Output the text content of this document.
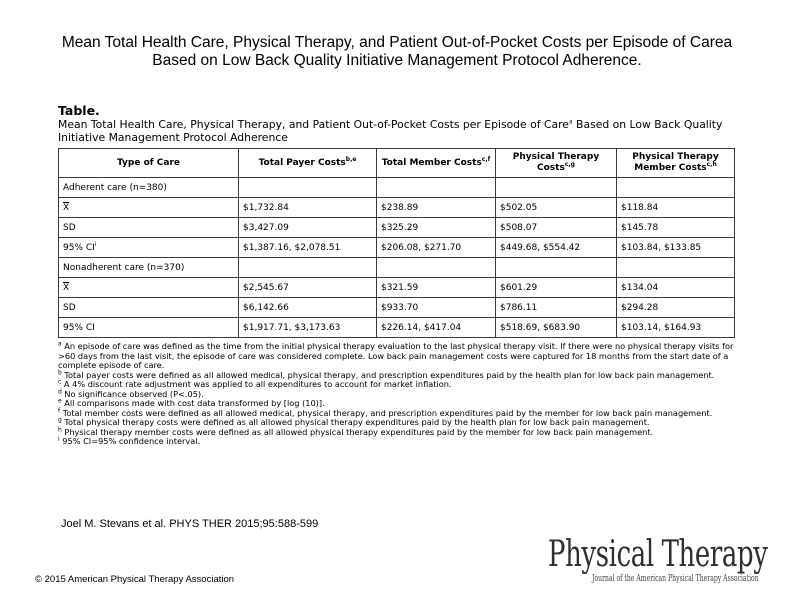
Mean Total Health Care, Physical Therapy, and Patient Out-of-Pocket Costs per Episode of Carea
Based on Low Back Quality Initiative Management Protocol Adherence.
Table.
Mean Total Health Care, Physical Therapy, and Patient Out-of-Pocket Costs per Episode of Care$^a$ Based on Low Back Quality
Initiative Management Protocol Adherence
Type of Care	Total Payer Costs$^{b,e}$	Total Member Costs$^{c,f}$	Physical Therapy Costs$^{c,g}$	Physical Therapy Member Costs$^{c,h}$
Adherent care (n=380)				
$\overline{X}$	$1,732.84	$238.89	$502.05	$118.84
SD	$3,427.09	$325.29	$508.07	$145.78
95% $CI^i$	$1,387.16, $2,078.51	$206.08, $271.70	$449.68, $554.42	$103.84, $133.85
Nonadherent care (n=370)				
$\overline{X}$	$2,545.67	$321.59	$601.29	$134.04
SD	$6,142.66	$933.70	$786.11	$294.28
95% CI	$1,917.71, $3,173.63	$226.14, $417.04	$518.69, $683.90	$103.14, $164.93
$^a$ An episode of care was defined as the time from the initial physical therapy evaluation to the last physical therapy visit. If there were no physical therapy visits for >60 days from the last visit, the episode of care was considered complete. Low back pain management costs were captured for 18 months from the start date of a complete episode of care.
$^b$ Total payer costs were defined as all allowed medical, physical therapy, and prescription expenditures paid by the health plan for low back pain management.
$^c$ A 4% discount rate adjustment was applied to all expenditures to account for market inflation.
$^d$ No significance observed (P<.05).
$^e$ All comparisons made with cost data transformed by [log (10)].
$^f$ Total member costs were defined as all allowed medical, physical therapy, and prescription expenditures paid by the member for low back pain management.
$^g$ Total physical therapy costs were defined as all allowed physical therapy expenditures paid by the health plan for low back pain management.
$^h$ Physical therapy member costs were defined as all allowed physical therapy expenditures paid by the member for low back pain management.
$^i$ 95% CI=95% confidence interval.
Joel M. Stevans et al. PHYS THER 2015;95:588-599
© 2015 American Physical Therapy Association
Physical Therapy
Journal of the American Physical Therapy Association
